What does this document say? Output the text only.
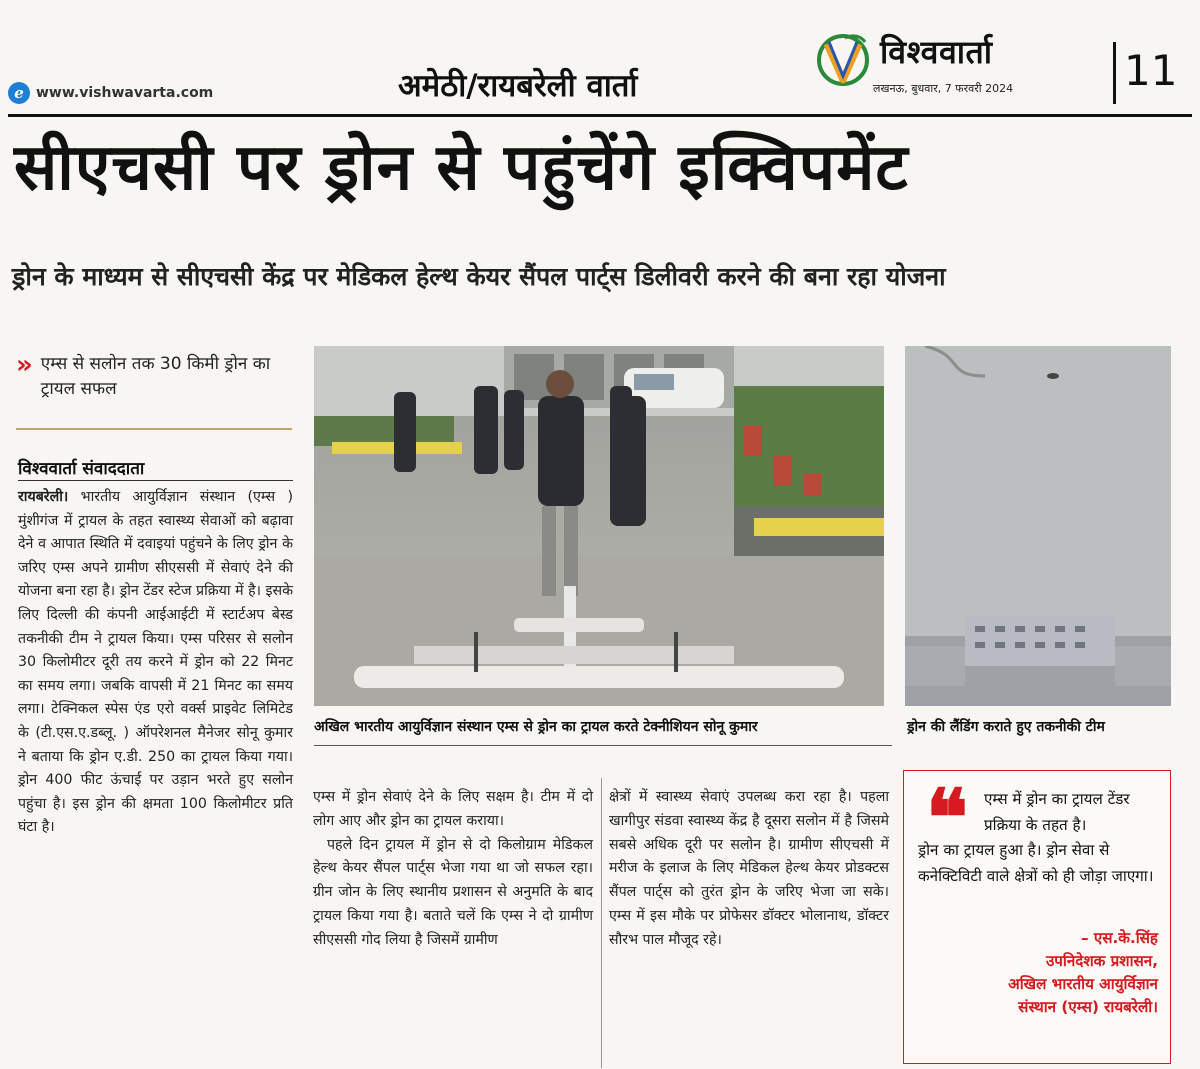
e www.vishwavarta.com	अमेठी/रायबरेली वार्ता
विश्ववार्ता
लखनऊ, बुधवार, 7 फरवरी 2024	11
सीएचसी पर ड्रोन से पहुंचेंगे इक्विपमेंट
ड्रोन के माध्यम से सीएचसी केंद्र पर मेडिकल हेल्थ केयर सैंपल पार्ट्स डिलीवरी करने की बना रहा योजना
» एम्स से सलोन तक 30 किमी ड्रोन का ट्रायल सफल
विश्ववार्ता संवाददाता
रायबरेली। भारतीय आयुर्विज्ञान संस्थान (एम्स ) मुंशीगंज में ट्रायल के तहत स्वास्थ्य सेवाओं को बढ़ावा देने व आपात स्थिति में दवाइयां पहुंचने के लिए ड्रोन के जरिए एम्स अपने ग्रामीण सीएससी में सेवाएं देने की योजना बना रहा है। ड्रोन टेंडर स्टेज प्रक्रिया में है। इसके लिए दिल्ली की कंपनी आईआईटी में स्टार्टअप बेस्ड तकनीकी टीम ने ट्रायल किया। एम्स परिसर से सलोन 30 किलोमीटर दूरी तय करने में ड्रोन को 22 मिनट का समय लगा। जबकि वापसी में 21 मिनट का समय लगा। टेक्निकल स्पेस एंड एरो वर्क्स प्राइवेट लिमिटेड के (टी.एस.ए.डब्लू. ) ऑपरेशनल मैनेजर सोनू कुमार ने बताया कि ड्रोन ए.डी. 250 का ट्रायल किया गया। ड्रोन 400 फीट ऊंचाई पर उड़ान भरते हुए सलोन पहुंचा है। इस ड्रोन की क्षमता 100 किलोमीटर प्रति घंटा है।
अखिल भारतीय आयुर्विज्ञान संस्थान एम्स से ड्रोन का ट्रायल करते टेक्नीशियन सोनू कुमार	ड्रोन की लैंडिंग कराते हुए तकनीकी टीम

एम्स में ड्रोन सेवाएं देने के लिए सक्षम है। टीम में दो लोग आए और ड्रोन का ट्रायल कराया।

पहले दिन ट्रायल में ड्रोन से दो किलोग्राम मेडिकल हेल्थ केयर सैंपल पार्ट्स भेजा गया था जो सफल रहा। ग्रीन जोन के लिए स्थानीय प्रशासन से अनुमति के बाद ट्रायल किया गया है। बताते चलें कि एम्स ने दो ग्रामीण सीएससी गोद लिया है जिसमें ग्रामीण

क्षेत्रों में स्वास्थ्य सेवाएं उपलब्ध करा रहा है। पहला खागीपुर संडवा स्वास्थ्य केंद्र है दूसरा सलोन में है जिसमे सबसे अधिक दूरी पर सलोन है। ग्रामीण सीएचसी में मरीज के इलाज के लिए मेडिकल हेल्थ केयर प्रोडक्टस सैंपल पार्ट्स को तुरंत ड्रोन के जरिए भेजा जा सके। एम्स में इस मौके पर प्रोफेसर डॉक्टर भोलानाथ, डॉक्टर सौरभ पाल मौजूद रहे।

❝	एम्स में ड्रोन का ट्रायल टेंडर प्रक्रिया के तहत है।
ड्रोन का ट्रायल हुआ है। ड्रोन सेवा से कनेक्टिविटी वाले क्षेत्रों को ही जोड़ा जाएगा।
– एस.के.सिंह
उपनिदेशक प्रशासन,
अखिल भारतीय आयुर्विज्ञान
संस्थान (एम्स) रायबरेली।
